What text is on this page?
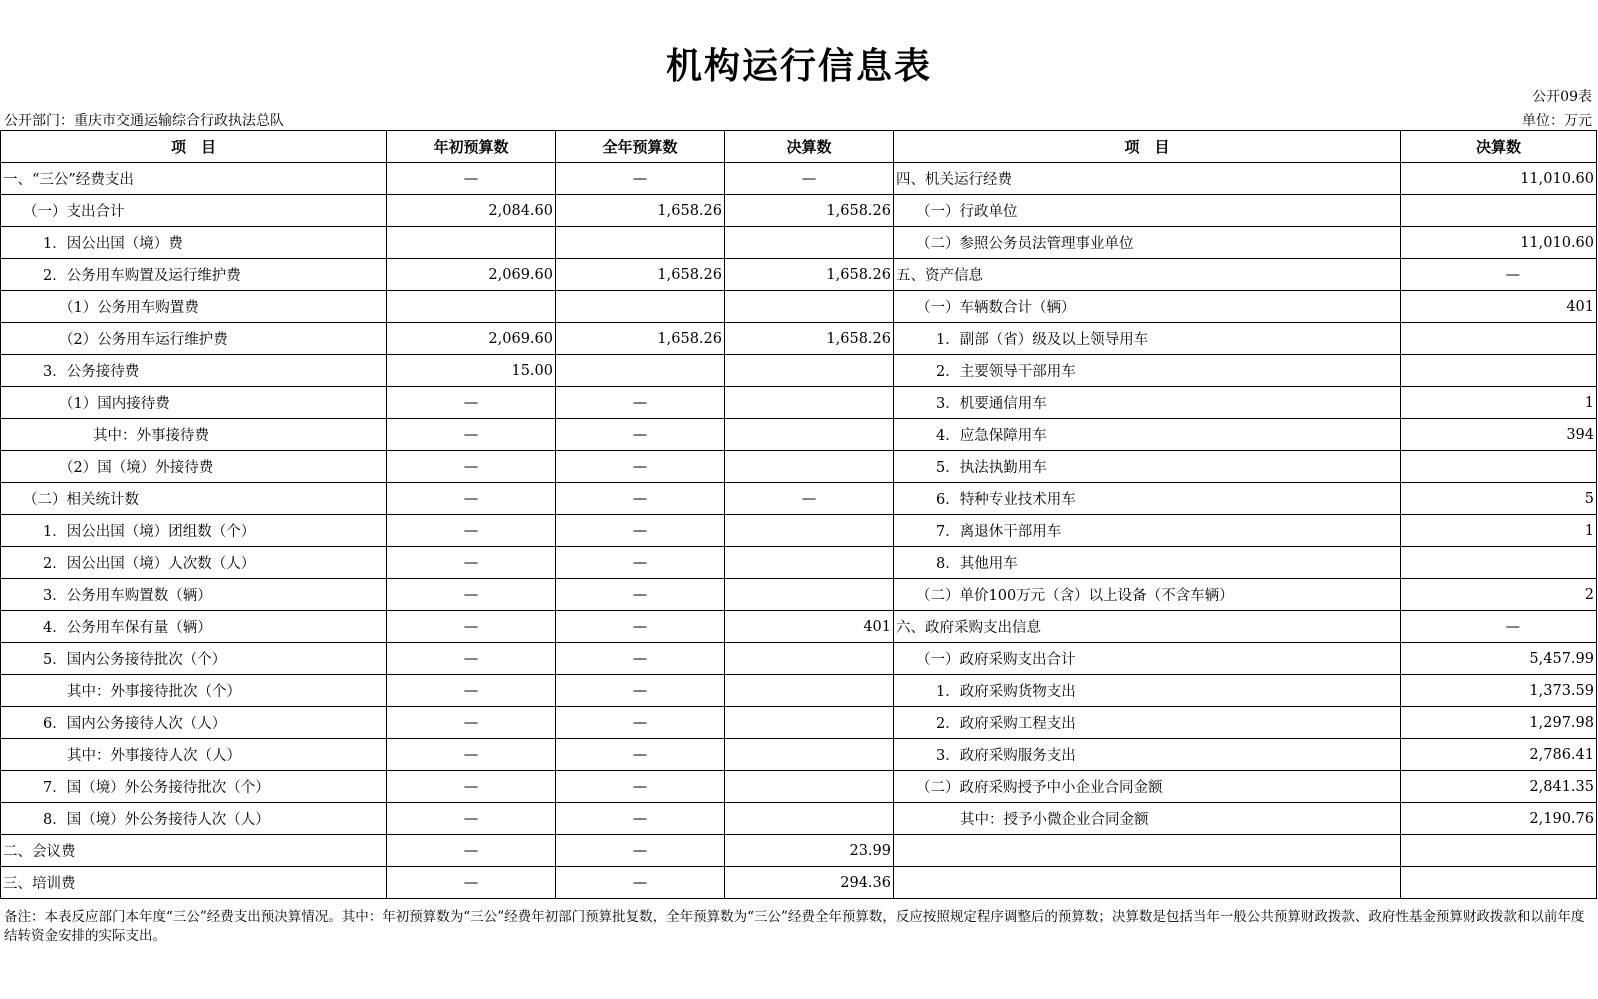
机构运行信息表
公开09表
公开部门：重庆市交通运输综合行政执法总队	单位：万元
项　目	年初预算数	全年预算数	决算数	项　目	决算数
一、“三公”经费支出	—	—	—	四、机关运行经费	11,010.60
（一）支出合计	2,084.60	1,658.26	1,658.26	（一）行政单位	
1．因公出国（境）费				（二）参照公务员法管理事业单位	11,010.60
2．公务用车购置及运行维护费	2,069.60	1,658.26	1,658.26	五、资产信息	—
（1）公务用车购置费				（一）车辆数合计（辆）	401
（2）公务用车运行维护费	2,069.60	1,658.26	1,658.26	1．副部（省）级及以上领导用车	
3．公务接待费	15.00			2．主要领导干部用车	
（1）国内接待费	—	—		3．机要通信用车	1
其中：外事接待费	—	—		4．应急保障用车	394
（2）国（境）外接待费	—	—		5．执法执勤用车	
（二）相关统计数	—	—	—	6．特种专业技术用车	5
1．因公出国（境）团组数（个）	—	—		7．离退休干部用车	1
2．因公出国（境）人次数（人）	—	—		8．其他用车	
3．公务用车购置数（辆）	—	—		（二）单价100万元（含）以上设备（不含车辆）	2
4．公务用车保有量（辆）	—	—	401	六、政府采购支出信息	—
5．国内公务接待批次（个）	—	—		（一）政府采购支出合计	5,457.99
其中：外事接待批次（个）	—	—		1．政府采购货物支出	1,373.59
6．国内公务接待人次（人）	—	—		2．政府采购工程支出	1,297.98
其中：外事接待人次（人）	—	—		3．政府采购服务支出	2,786.41
7．国（境）外公务接待批次（个）	—	—		（二）政府采购授予中小企业合同金额	2,841.35
8．国（境）外公务接待人次（人）	—	—		其中：授予小微企业合同金额	2,190.76
二、会议费	—	—	23.99		
三、培训费	—	—	294.36		
备注：本表反应部门本年度“三公”经费支出预决算情况。其中：年初预算数为“三公”经费年初部门预算批复数，全年预算数为“三公”经费全年预算数，反应按照规定程序调整后的预算数；决算数是包括当年一般公共预算财政拨款、政府性基金预算财政拨款和以前年度结转资金安排的实际支出。
